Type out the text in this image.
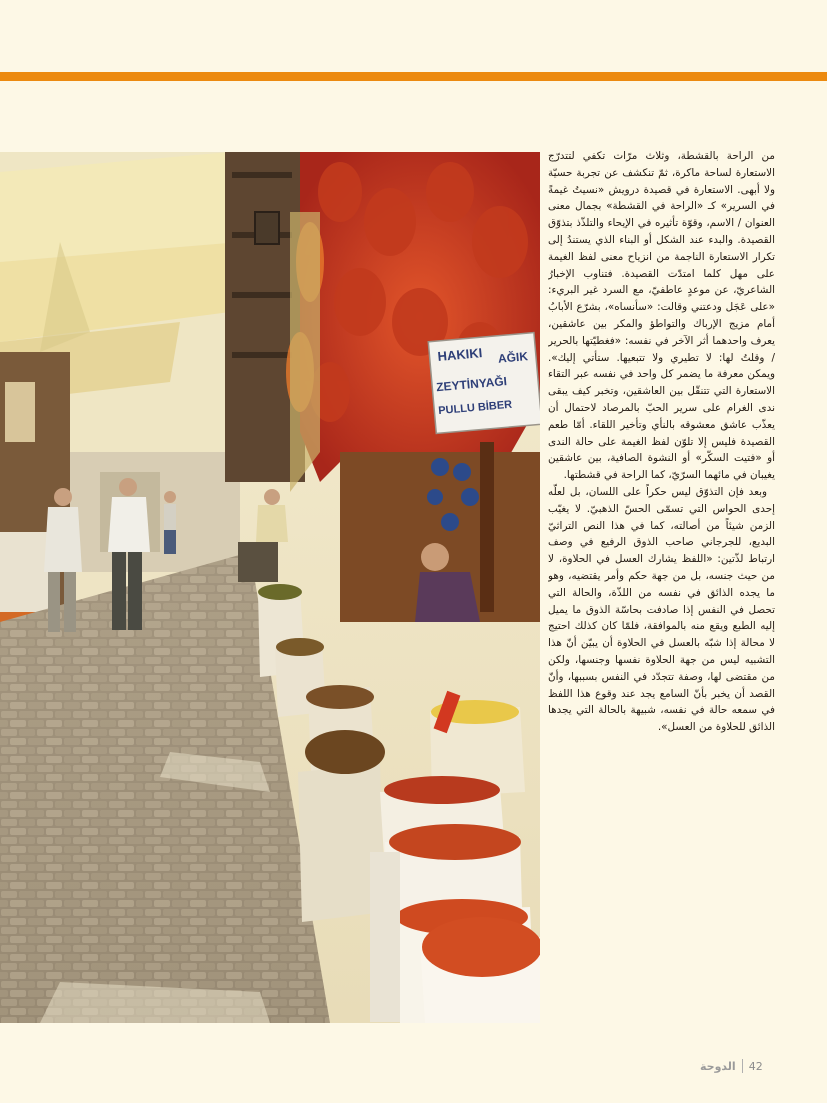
HAKIKI AĞIK
ZEYTİNYAĞI
PULLU BİBER

من الراحة بالقشطة، وثلاث مرّات تكفي لتتدرّج الاستعارة لساحة ماكرة، ثمّ تنكشف عن تجربة حسيّة ولا أبهى. الاستعارة في قصيدة درويش «نسيتُ غيمةً في السرير» كـ «الراحة في القشطة» بجمال معنى العنوان / الاسم، وقوّة تأثيره في الإيحاء والتلذّذ بتذوّق القصيدة. والبدء عند الشكل أو البناء الذي يستندُ إلى تكرار الاستعارة الناجمة من انزياح معنى لفظ الغيمة على مهل كلما امتدّت القصيدة. فتناوب الإخبارُ الشاعريّ، عن موعدٍ عاطفيّ، مع السرد غير البريء: «على عَجَل ودعتني وقالت: «سأنساه»، بشرّع الأبابُ أمام مزيج الإرباك والتواطؤ والمكر بين عاشقين، يعرف واحدهما أثر الآخر في نفسه: «فغطيّتها بالحرير / وقلتُ لها: لا تطيري ولا تتبعيها. ستأتي إليك». ويمكن معرفة ما يضمر كل واحد في نفسه عبر التقاء الاستعارة التي تتنقّل بين العاشقين، وتخبر كيف يبقى ندى الغرام على سرير الحبّ بالمرصاد لاحتمال أن يعذّب عاشق معشوقه بالنأي وتأخير اللقاء. أمّا طعم القصيدة فليس إلا تلوّن لفظ الغيمة على حالة الندى أو «فتيت السكّر» أو النشوة الصافية، بين عاشقين يغيبان في مائهما السرّيّ، كما الراحة في قشطتها.

وبعد فإن التذوّق ليس حكراً على اللسان، بل لعلّه إحدى الحواس التي تسمّى الحسّ الذهبيّ. لا يغيّب الزمن شيئاً من أصالته، كما في هذا النص التراثيّ البديع، للجرجاني صاحب الذوق الرفيع في وصف ارتباط لذّتين: «اللفظ يشارك العسل في الحلاوة، لا من حيث جنسه، بل من جهة حكم وأمر يقتضيه، وهو ما يجده الذائق في نفسه من اللذّة، والحالة التي تحصل في النفس إذا صادفت بحاسّة الذوق ما يميل إليه الطبع ويقع منه بالموافقة، فلمّا كان كذلك احتيج لا محالة إذا شبّه بالعسل في الحلاوة أن يبيّن أنّ هذا التشبيه ليس من جهة الحلاوة نفسها وجنسها، ولكن من مقتضى لها، وصفة تتجدّد في النفس بسببها، وأنّ القصد أن يخبر بأنّ السامع يجد عند وقوع هذا اللفظ في سمعه حالة في نفسه، شبيهة بالحالة التي يجدها الذائق للحلاوة من العسل».

الدوحة 42
